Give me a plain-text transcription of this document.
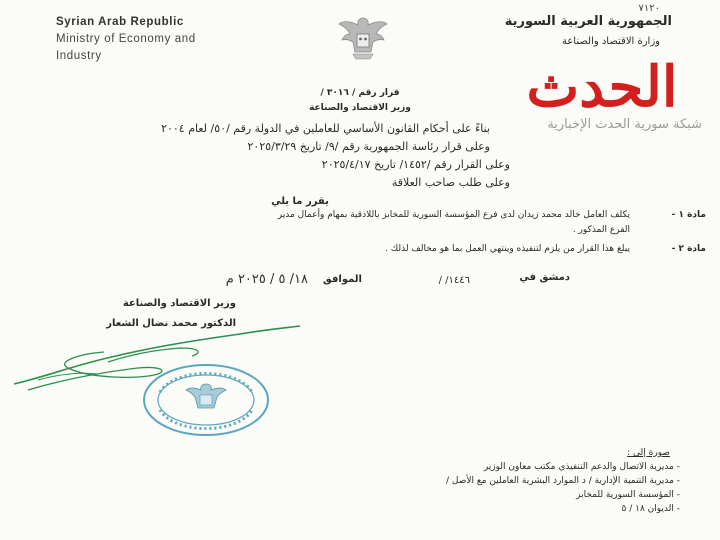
Syrian Arab Republic
Ministry of Economy and
Industry
٧١٢٠
الجمهورية العربية السورية
وزارة الاقتصاد والصناعة
الحدث
شبكة سورية الحدث الإخبارية
قرار رقم / ٣٠١٦ /
وزير الاقتصاد والصناعة
بناءً على أحكام القانون الأساسي للعاملين في الدولة رقم /٥٠/ لعام ٢٠٠٤
وعلى قرار رئاسة الجمهورية رقم /٩/ تاريخ ٢٠٢٥/٣/٢٩
وعلى القرار رقم /١٤٥٢/ تاريخ ٢٠٢٥/٤/١٧
وعلى طلب صاحب العلاقة
يقرر ما يلي
مادة ١ -
يكلف العامل خالد محمد زيدان لدى فرع المؤسسة السورية للمخابز باللاذقية بمهام وأعمال مدير
الفرع المذكور .
مادة ٢ -
يبلغ هذا القرار من يلزم لتنفيذه وينتهي العمل بما هو مخالف لذلك .
دمشق في
/ /١٤٤٦
الموافق
١٨/ ٥ / ٢٠٢٥ م
وزير الاقتصاد والصناعة
الدكتور محمد نضال الشعار
صورة إلى :
- مديرية الاتصال والدعم التنفيذي مكتب معاون الوزير
- مديرية التنمية الإدارية / د الموارد البشرية العاملين مع الأصل /
- المؤسسة السورية للمخابز
- الديوان ١٨ / ٥
